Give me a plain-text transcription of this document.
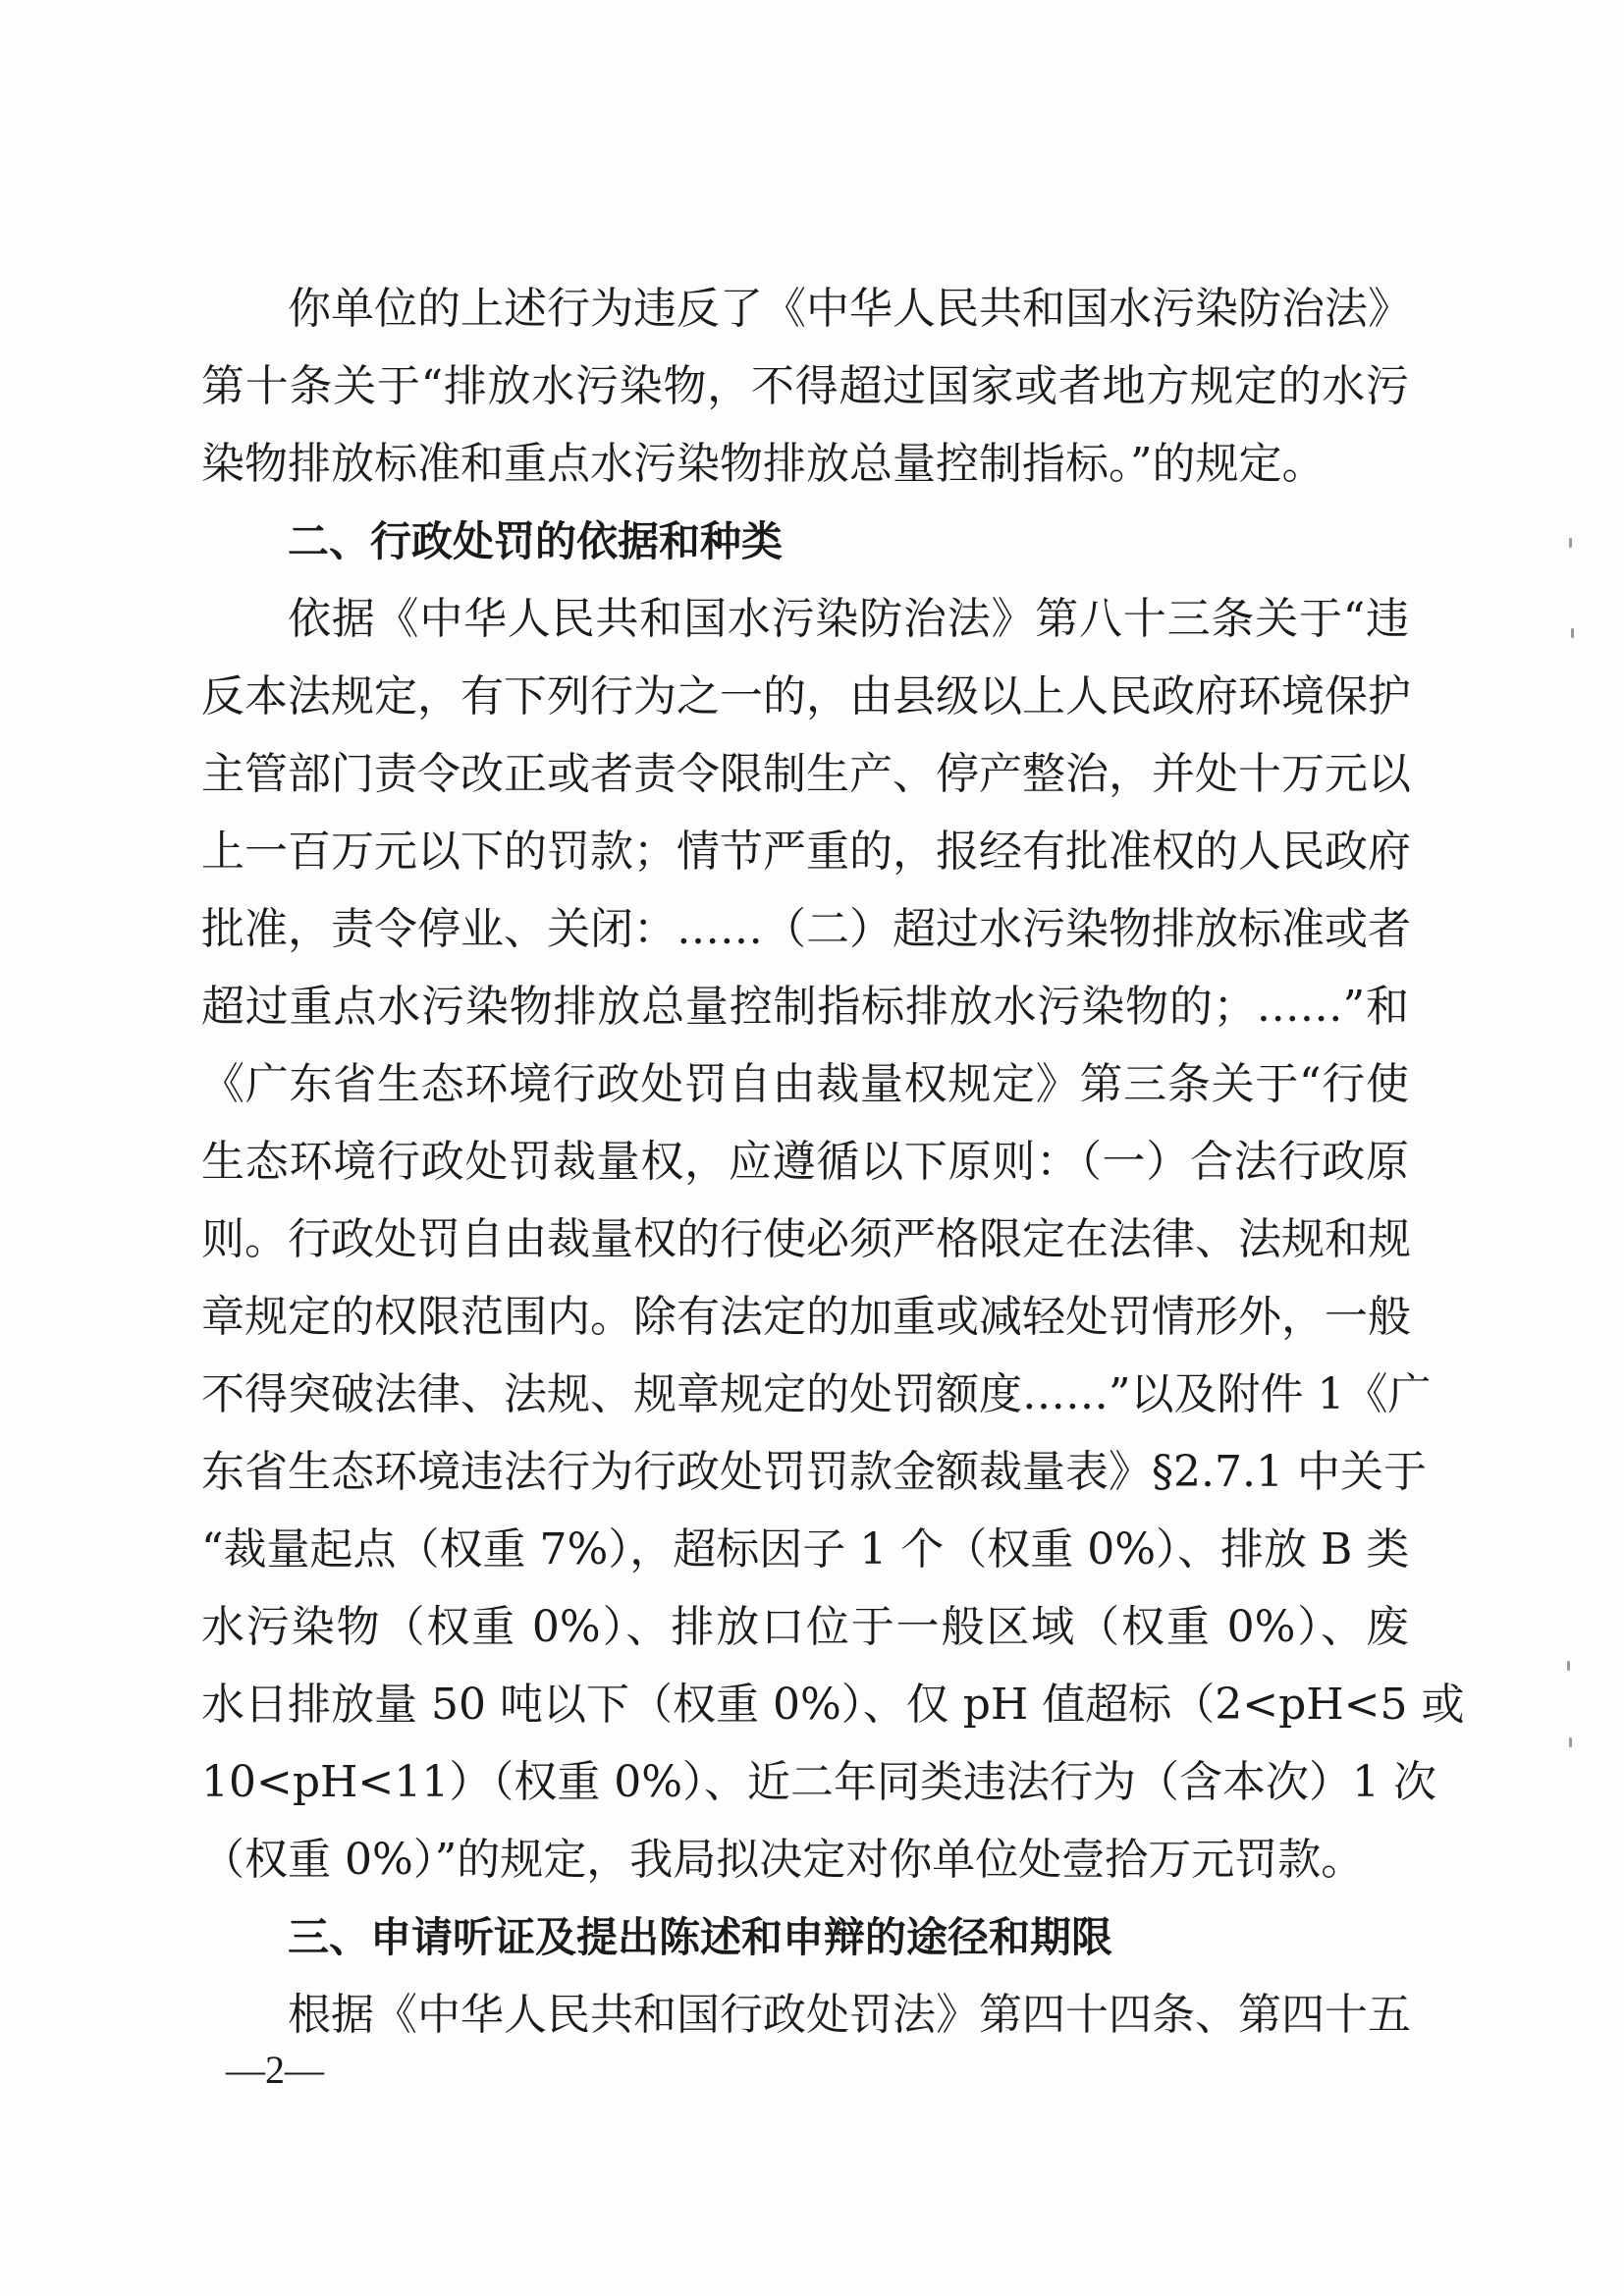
你单位的上述行为违反了《中华人民共和国水污染防治法》
第十条关于“排放水污染物，不得超过国家或者地方规定的水污
染物排放标准和重点水污染物排放总量控制指标。”的规定。
二、行政处罚的依据和种类
依据《中华人民共和国水污染防治法》第八十三条关于“违
反本法规定，有下列行为之一的，由县级以上人民政府环境保护
主管部门责令改正或者责令限制生产、停产整治，并处十万元以
上一百万元以下的罚款；情节严重的，报经有批准权的人民政府
批准，责令停业、关闭：……（二）超过水污染物排放标准或者
超过重点水污染物排放总量控制指标排放水污染物的；……”和
《广东省生态环境行政处罚自由裁量权规定》第三条关于“行使
生态环境行政处罚裁量权，应遵循以下原则：（一）合法行政原
则。行政处罚自由裁量权的行使必须严格限定在法律、法规和规
章规定的权限范围内。除有法定的加重或减轻处罚情形外，一般
不得突破法律、法规、规章规定的处罚额度……”以及附件 1《广
东省生态环境违法行为行政处罚罚款金额裁量表》§2.7.1 中关于
“裁量起点（权重 7%），超标因子 1 个（权重 0%）、排放 B 类
水污染物（权重 0%）、排放口位于一般区域（权重 0%）、废
水日排放量 50 吨以下（权重 0%）、仅 pH 值超标（2<pH<5 或
10<pH<11）（权重 0%）、近二年同类违法行为（含本次）1 次
（权重 0%）”的规定，我局拟决定对你单位处壹拾万元罚款。
三、申请听证及提出陈述和申辩的途径和期限
根据《中华人民共和国行政处罚法》第四十四条、第四十五
—2—
